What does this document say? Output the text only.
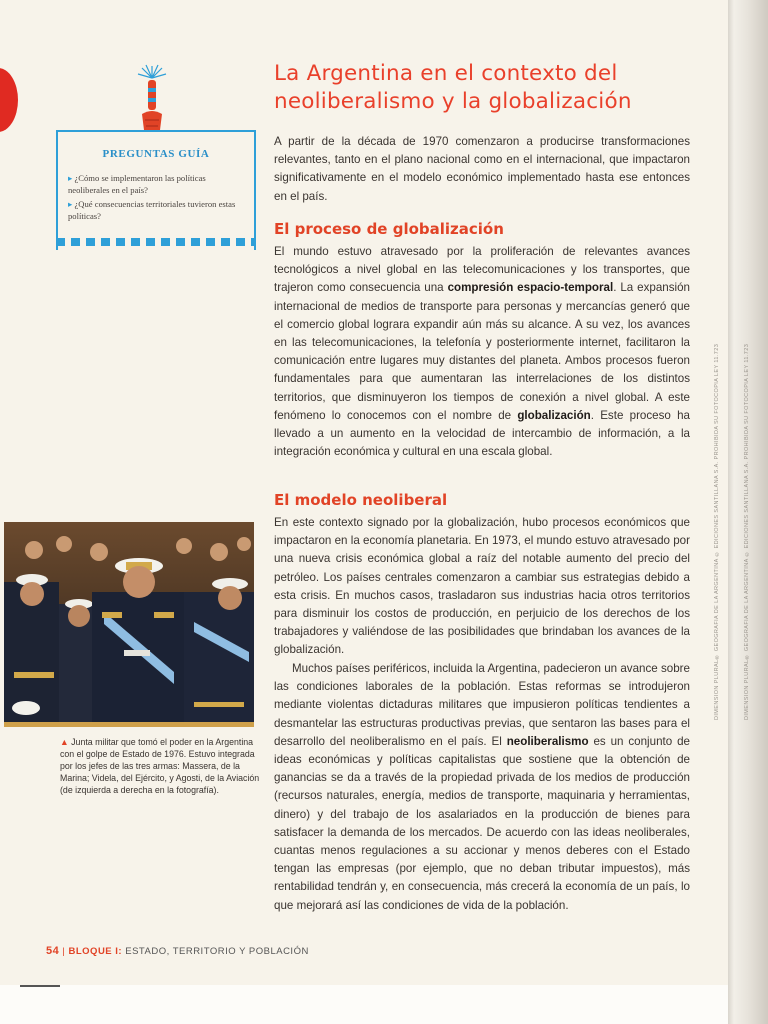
DIMENSIÓN PLURAL® GEOGRAFÍA DE LA ARGENTINA © EDICIONES SANTILLANA S.A. PROHIBIDA SU FOTOCOPIA LEY 11.723	DIMENSIÓN PLURAL® GEOGRAFÍA DE LA ARGENTINA © EDICIONES SANTILLANA S.A. PROHIBIDA SU FOTOCOPIA LEY 11.723
PREGUNTAS GUÍA
▸ ¿Cómo se implementaron las políticas neoliberales en el país?
▸ ¿Qué consecuencias territoriales tuvieron estas políticas?
La Argentina en el contexto del
neoliberalismo y la globalización
A partir de la década de 1970 comenzaron a producirse transformaciones relevantes, tanto en el plano nacional como en el internacional, que impactaron significativamente en el modelo económico implementado hasta ese entonces en el país.
El proceso de globalización
El mundo estuvo atravesado por la proliferación de relevantes avances tecnológicos a nivel global en las telecomunicaciones y los transportes, que trajeron como consecuencia una compresión espacio-temporal. La expansión internacional de medios de transporte para personas y mercancías generó que el comercio global lograra expandir aún más su alcance. A su vez, los avances en las telecomunicaciones, la telefonía y posteriormente internet, facilitaron la comunicación entre lugares muy distantes del planeta. Ambos procesos fueron fundamentales para que aumentaran las interrelaciones de los distintos territorios, que disminuyeron los tiempos de conexión a nivel global. A este fenómeno lo conocemos con el nombre de globalización. Este proceso ha llevado a un aumento en la velocidad de intercambio de información, a la integración económica y cultural en una escala global.
El modelo neoliberal
En este contexto signado por la globalización, hubo procesos económicos que impactaron en la economía planetaria. En 1973, el mundo estuvo atravesado por una nueva crisis económica global a raíz del notable aumento del precio del petróleo. Los países centrales comenzaron a cambiar sus estrategias debido a esta crisis. En muchos casos, trasladaron sus industrias hacia otros territorios para disminuir los costos de producción, en perjuicio de los derechos de los trabajadores y valiéndose de las posibilidades que brindaban los avances de la globalización.
Muchos países periféricos, incluida la Argentina, padecieron un avance sobre las condiciones laborales de la población. Estas reformas se introdujeron mediante violentas dictaduras militares que impusieron políticas tendientes a desmantelar las estructuras productivas previas, que sentaron las bases para el desarrollo del neoliberalismo en el país. El neoliberalismo es un conjunto de ideas económicas y políticas capitalistas que sostiene que la obtención de ganancias se da a través de la propiedad privada de los medios de producción (recursos naturales, energía, medios de transporte, maquinaria y herramientas, dinero) y del trabajo de los asalariados en la producción de bienes para satisfacer la demanda de los mercados. De acuerdo con las ideas neoliberales, cuantas menos regulaciones a su accionar y menos deberes con el Estado tengan las empresas (por ejemplo, que no deban tributar impuestos), más rentabilidad tendrán y, en consecuencia, más crecerá la economía de un país, lo que mejorará así las condiciones de vida de la población.
▲ Junta militar que tomó el poder en la Argentina con el golpe de Estado de 1976. Estuvo integrada por los jefes de las tres armas: Massera, de la Marina; Videla, del Ejército, y Agosti, de la Aviación (de izquierda a derecha en la fotografía).
54 | BLOQUE I: ESTADO, TERRITORIO Y POBLACIÓN
